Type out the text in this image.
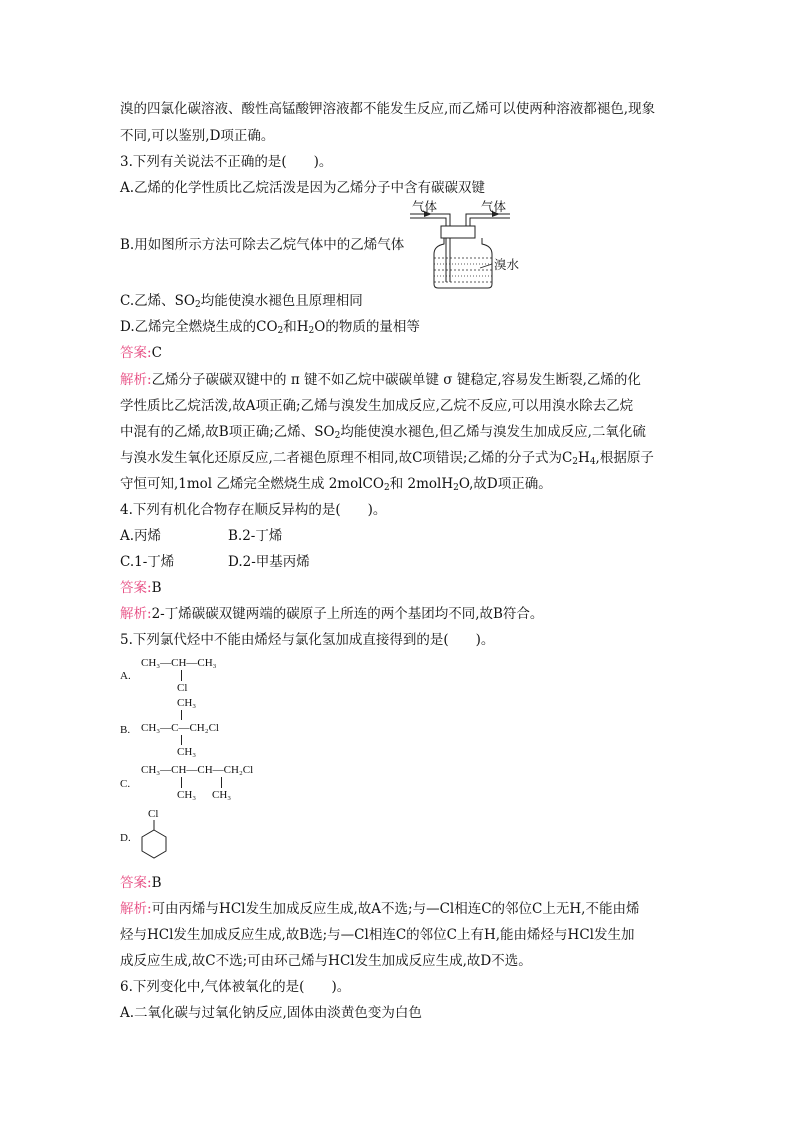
溴的四氯化碳溶液、酸性高锰酸钾溶液都不能发生反应,而乙烯可以使两种溶液都褪色,现象
不同,可以鉴别,D项正确。
3.下列有关说法不正确的是(　　)。
A.乙烯的化学性质比乙烷活泼是因为乙烯分子中含有碳碳双键
B.用如图所示方法可除去乙烷气体中的乙烯气体
气体	气体
溴水
C.乙烯、$SO_2$均能使溴水褪色且原理相同
D.乙烯完全燃烧生成的$CO_2$和$H_2O$的物质的量相等
答案:C
解析:乙烯分子碳碳双键中的 π 键不如乙烷中碳碳单键 σ 键稳定,容易发生断裂,乙烯的化
学性质比乙烷活泼,故A项正确;乙烯与溴发生加成反应,乙烷不反应,可以用溴水除去乙烷
中混有的乙烯,故B项正确;乙烯、$SO_2$均能使溴水褪色,但乙烯与溴发生加成反应,二氧化硫
与溴水发生氧化还原反应,二者褪色原理不相同,故C项错误;乙烯的分子式为$C_2H_4$,根据原子
守恒可知,1mol 乙烯完全燃烧生成 2molCO$_2$和 2molH$_2$O,故D项正确。
4.下列有机化合物存在顺反异构的是(　　)。
A.丙烯	B.2-丁烯
C.1-丁烯	D.2-甲基丙烯
答案:B
解析:2-丁烯碳碳双键两端的碳原子上所连的两个基团均不同,故B符合。
5.下列氯代烃中不能由烯烃与氯化氢加成直接得到的是(　　)。
A.
CH₃—CH—CH₃
Cl
CH₃
B. CH₃—C—CH₂Cl
CH₃
C.
CH₃—CH—CH—CH₂Cl
CH₃ CH₃
D.
Cl
答案:B
解析:可由丙烯与HCl发生加成反应生成,故A不选;与—Cl相连C的邻位C上无H,不能由烯
烃与HCl发生加成反应生成,故B选;与—Cl相连C的邻位C上有H,能由烯烃与HCl发生加
成反应生成,故C不选;可由环己烯与HCl发生加成反应生成,故D不选。
6.下列变化中,气体被氧化的是(　　)。
A.二氧化碳与过氧化钠反应,固体由淡黄色变为白色
